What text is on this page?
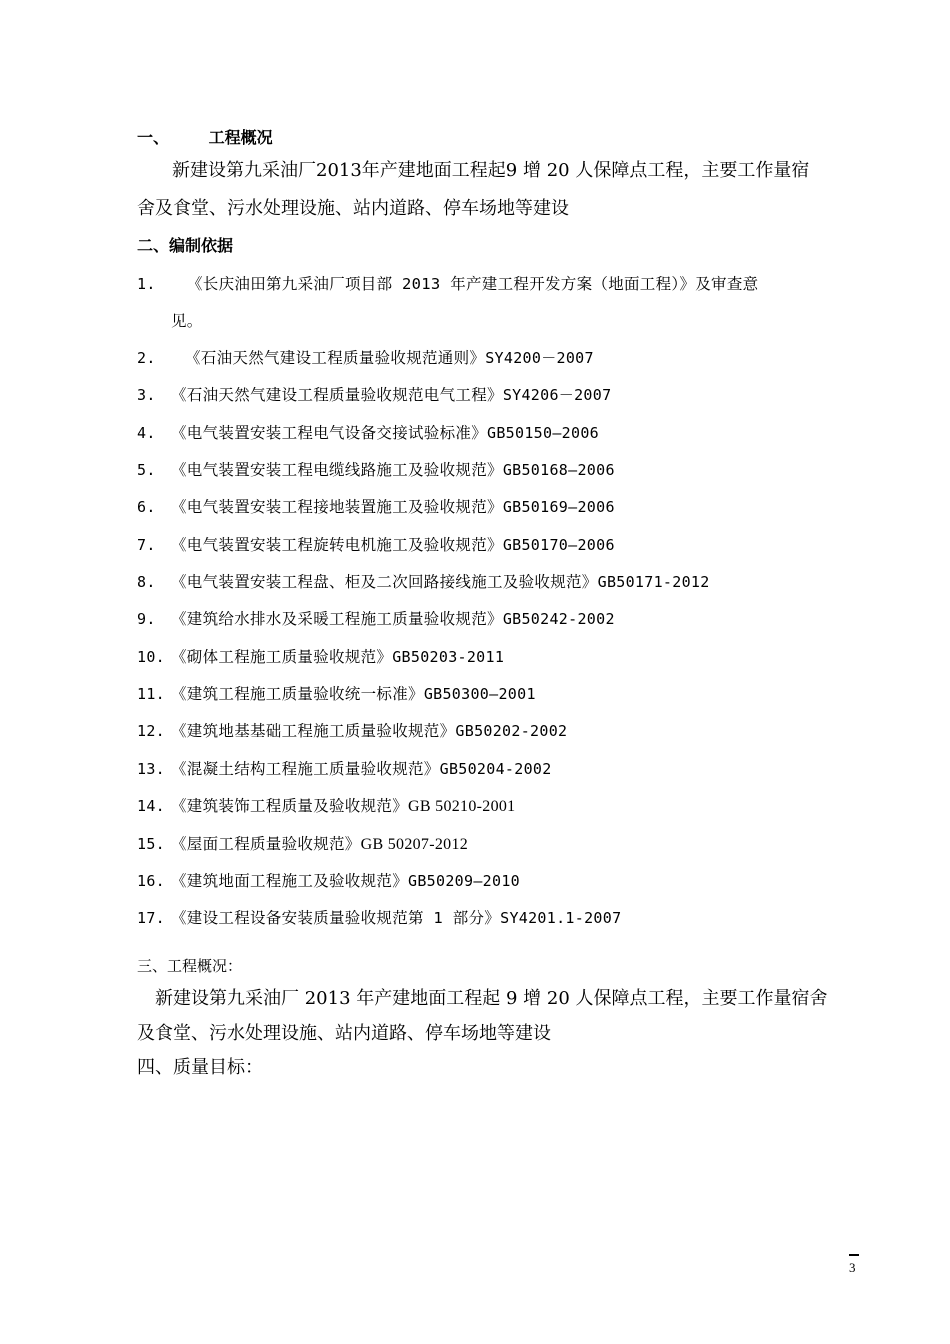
一、 工程概况
新建设第九采油厂2013年产建地面工程起9 增 20 人保障点工程，主要工作量宿
舍及食堂、污水处理设施、站内道路、停车场地等建设
二、编制依据
1. 《长庆油田第九采油厂项目部 2013 年产建工程开发方案（地面工程）》及审查意
见。
2. 《石油天然气建设工程质量验收规范通则》SY4200－2007
3. 《石油天然气建设工程质量验收规范电气工程》SY4206－2007
4. 《电气装置安装工程电气设备交接试验标准》GB50150—2006
5. 《电气装置安装工程电缆线路施工及验收规范》GB50168—2006
6. 《电气装置安装工程接地装置施工及验收规范》GB50169—2006
7. 《电气装置安装工程旋转电机施工及验收规范》GB50170—2006
8. 《电气装置安装工程盘、柜及二次回路接线施工及验收规范》GB50171-2012
9. 《建筑给水排水及采暖工程施工质量验收规范》GB50242-2002
10. 《砌体工程施工质量验收规范》GB50203-2011
11. 《建筑工程施工质量验收统一标准》GB50300—2001
12. 《建筑地基基础工程施工质量验收规范》GB50202-2002
13. 《混凝土结构工程施工质量验收规范》GB50204-2002
14. 《建筑装饰工程质量及验收规范》GB 50210-2001
15. 《屋面工程质量验收规范》GB 50207-2012
16. 《建筑地面工程施工及验收规范》GB50209—2010
17. 《建设工程设备安装质量验收规范第 1 部分》SY4201.1-2007
三、工程概况：
新建设第九采油厂 2013 年产建地面工程起 9 增 20 人保障点工程，主要工作量宿舍
及食堂、污水处理设施、站内道路、停车场地等建设
四、质量目标：
3
